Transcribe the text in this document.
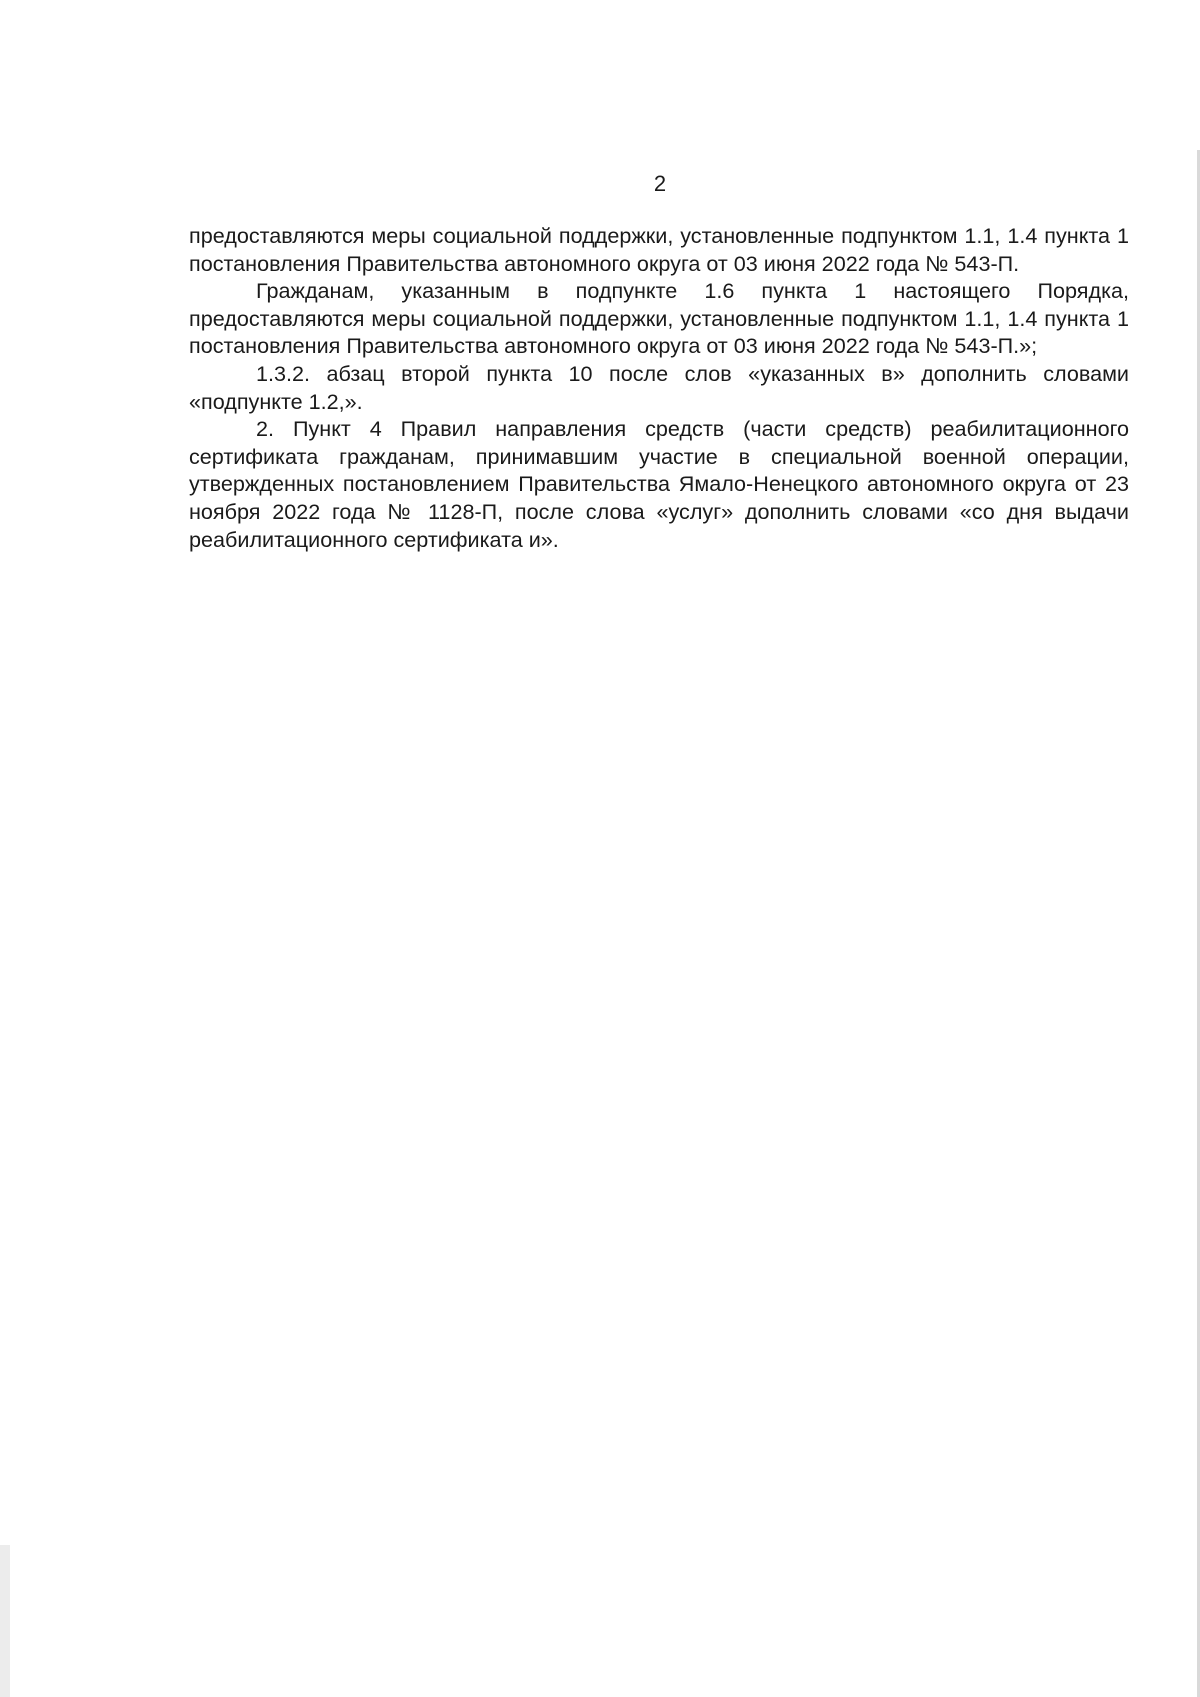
2

предоставляются меры социальной поддержки, установленные подпунктом 1.1, 1.4 пункта 1 постановления Правительства автономного округа от 03 июня 2022 года № 543-П.

Гражданам, указанным в подпункте 1.6 пункта 1 настоящего Порядка, предоставляются меры социальной поддержки, установленные подпунктом 1.1, 1.4 пункта 1 постановления Правительства автономного округа от 03 июня 2022 года № 543-П.»;

1.3.2. абзац второй пункта 10 после слов «указанных в» дополнить словами «подпункте 1.2,».

2. Пункт 4 Правил направления средств (части средств) реабилитационного сертификата гражданам, принимавшим участие в специальной военной операции, утвержденных постановлением Правительства Ямало-Ненецкого автономного округа от 23 ноября 2022 года № 1128-П, после слова «услуг» дополнить словами «со дня выдачи реабилитационного сертификата и».
